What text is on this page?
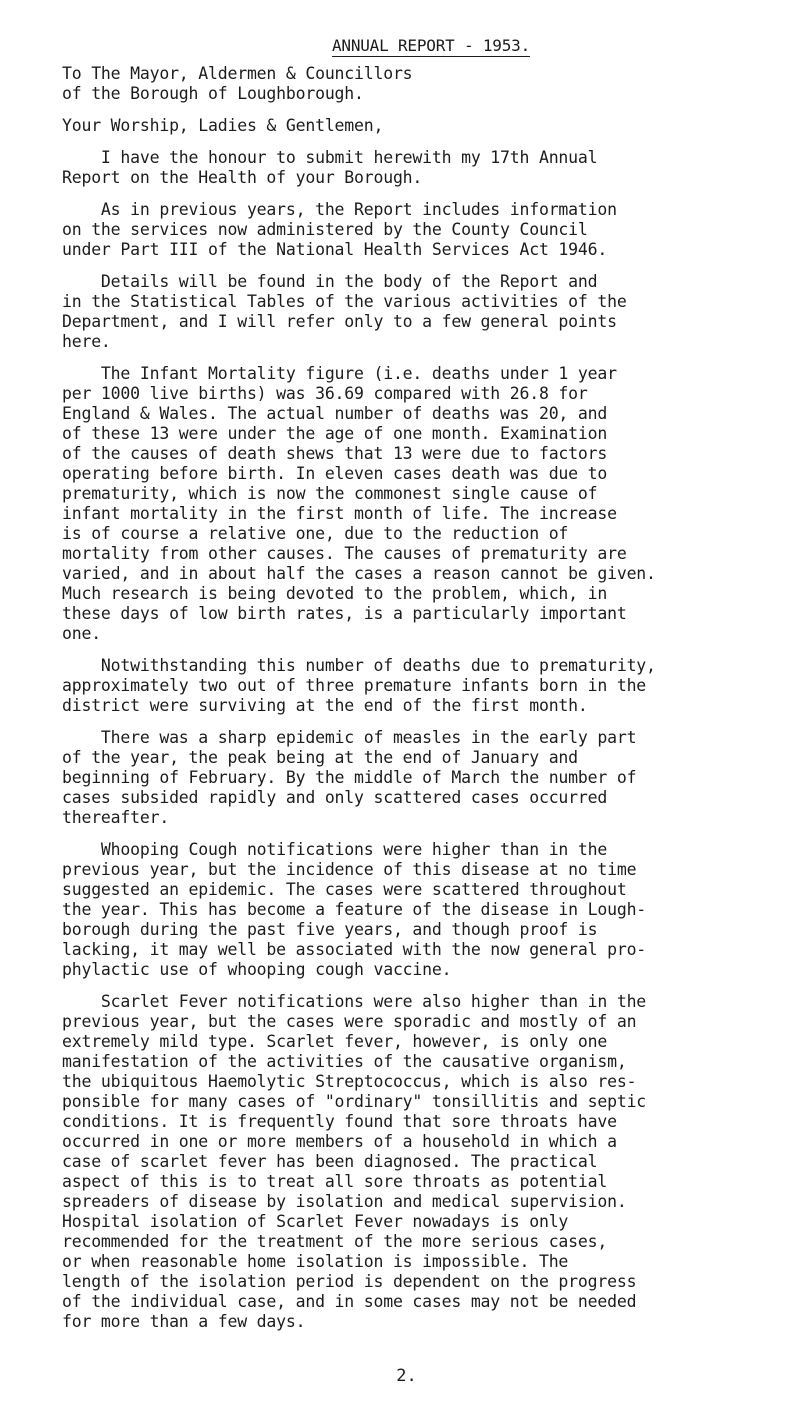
ANNUAL REPORT - 1953.
To The Mayor, Aldermen & Councillors
of the Borough of Loughborough.
Your Worship, Ladies & Gentlemen,
I have the honour to submit herewith my 17th Annual
Report on the Health of your Borough.
As in previous years, the Report includes information
on the services now administered by the County Council
under Part III of the National Health Services Act 1946.
Details will be found in the body of the Report and
in the Statistical Tables of the various activities of the
Department, and I will refer only to a few general points
here.
The Infant Mortality figure (i.e. deaths under 1 year
per 1000 live births) was 36.69 compared with 26.8 for
England & Wales. The actual number of deaths was 20, and
of these 13 were under the age of one month. Examination
of the causes of death shews that 13 were due to factors
operating before birth. In eleven cases death was due to
prematurity, which is now the commonest single cause of
infant mortality in the first month of life. The increase
is of course a relative one, due to the reduction of
mortality from other causes. The causes of prematurity are
varied, and in about half the cases a reason cannot be given.
Much research is being devoted to the problem, which, in
these days of low birth rates, is a particularly important
one.
Notwithstanding this number of deaths due to prematurity,
approximately two out of three premature infants born in the
district were surviving at the end of the first month.
There was a sharp epidemic of measles in the early part
of the year, the peak being at the end of January and
beginning of February. By the middle of March the number of
cases subsided rapidly and only scattered cases occurred
thereafter.
Whooping Cough notifications were higher than in the
previous year, but the incidence of this disease at no time
suggested an epidemic. The cases were scattered throughout
the year. This has become a feature of the disease in Lough-
borough during the past five years, and though proof is
lacking, it may well be associated with the now general pro-
phylactic use of whooping cough vaccine.
Scarlet Fever notifications were also higher than in the
previous year, but the cases were sporadic and mostly of an
extremely mild type. Scarlet fever, however, is only one
manifestation of the activities of the causative organism,
the ubiquitous Haemolytic Streptococcus, which is also res-
ponsible for many cases of "ordinary" tonsillitis and septic
conditions. It is frequently found that sore throats have
occurred in one or more members of a household in which a
case of scarlet fever has been diagnosed. The practical
aspect of this is to treat all sore throats as potential
spreaders of disease by isolation and medical supervision.
Hospital isolation of Scarlet Fever nowadays is only
recommended for the treatment of the more serious cases,
or when reasonable home isolation is impossible. The
length of the isolation period is dependent on the progress
of the individual case, and in some cases may not be needed
for more than a few days.
2.
